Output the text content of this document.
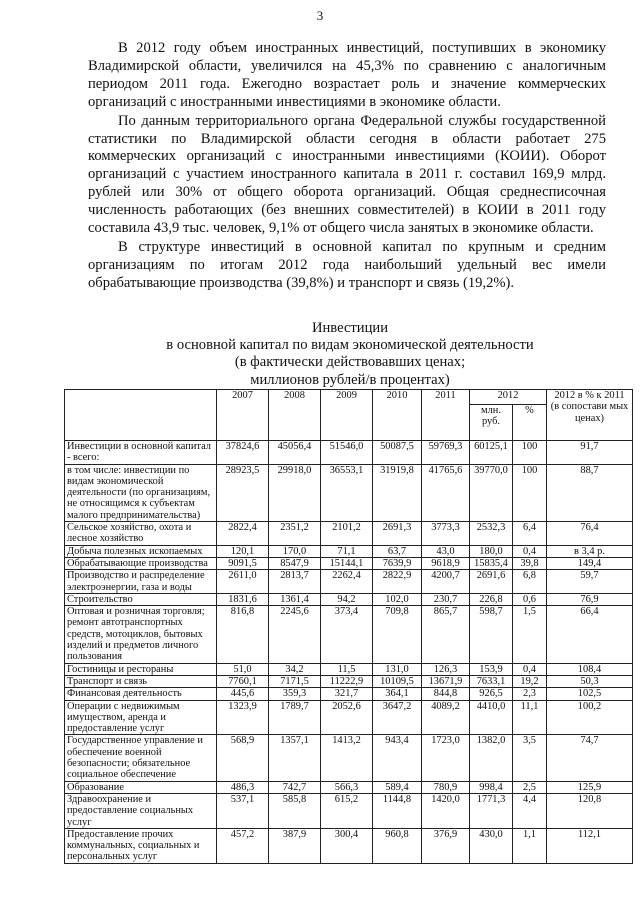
3

В 2012 году объем иностранных инвестиций, поступивших в экономику Владимирской области, увеличился на 45,3% по сравнению с аналогичным периодом 2011 года. Ежегодно возрастает роль и значение коммерческих организаций с иностранными инвестициями в экономике области.

По данным территориального органа Федеральной службы государственной статистики по Владимирской области сегодня в области работает 275 коммерческих организаций с иностранными инвестициями (КОИИ). Оборот организаций с участием иностранного капитала в 2011 г. составил 169,9 млрд. рублей или 30% от общего оборота организаций. Общая среднесписочная численность работающих (без внешних совместителей) в КОИИ в 2011 году составила 43,9 тыс. человек, 9,1% от общего числа занятых в экономике области.

В структуре инвестиций в основной капитал по крупным и средним организациям по итогам 2012 года наибольший удельный вес имели обрабатывающие производства (39,8%) и транспорт и связь (19,2%).

Инвестиции
в основной капитал по видам экономической деятельности
(в фактически действовавших ценах;
миллионов рублей/в процентах)
	2007	2008	2009	2010	2011	2012		2012 в % к 2011 (в сопостави мых ценах)
						млн. руб.	%	
Инвестиции в основной капитал - всего:	37824,6	45056,4	51546,0	50087,5	59769,3	60125,1	100	91,7
в том числе: инвестиции по видам экономической деятельности (по организациям, не относящимся к субъектам малого предпринимательства)	28923,5	29918,0	36553,1	31919,8	41765,6	39770,0	100	88,7
Сельское хозяйство, охота и лесное хозяйство	2822,4	2351,2	2101,2	2691,3	3773,3	2532,3	6,4	76,4
Добыча полезных ископаемых	120,1	170,0	71,1	63,7	43,0	180,0	0,4	в 3,4 р.
Обрабатывающие производства	9091,5	8547,9	15144,1	7639,9	9618,9	15835,4	39,8	149,4
Производство и распределение электроэнергии, газа и воды	2611,0	2813,7	2262,4	2822,9	4200,7	2691,6	6,8	59,7
Строительство	1831,6	1361,4	94,2	102,0	230,7	226,8	0,6	76,9
Оптовая и розничная торговля; ремонт автотранспортных средств, мотоциклов, бытовых изделий и предметов личного пользования	816,8	2245,6	373,4	709,8	865,7	598,7	1,5	66,4
Гостиницы и рестораны	51,0	34,2	11,5	131,0	126,3	153,9	0,4	108,4
Транспорт и связь	7760,1	7171,5	11222,9	10109,5	13671,9	7633,1	19,2	50,3
Финансовая деятельность	445,6	359,3	321,7	364,1	844,8	926,5	2,3	102,5
Операции с недвижимым имуществом, аренда и предоставление услуг	1323,9	1789,7	2052,6	3647,2	4089,2	4410,0	11,1	100,2
Государственное управление и обеспечение военной безопасности; обязательное социальное обеспечение	568,9	1357,1	1413,2	943,4	1723,0	1382,0	3,5	74,7
Образование	486,3	742,7	566,3	589,4	780,9	998,4	2,5	125,9
Здравоохранение и предоставление социальных услуг	537,1	585,8	615,2	1144,8	1420,0	1771,3	4,4	120,8
Предоставление прочих коммунальных, социальных и персональных услуг	457,2	387,9	300,4	960,8	376,9	430,0	1,1	112,1
